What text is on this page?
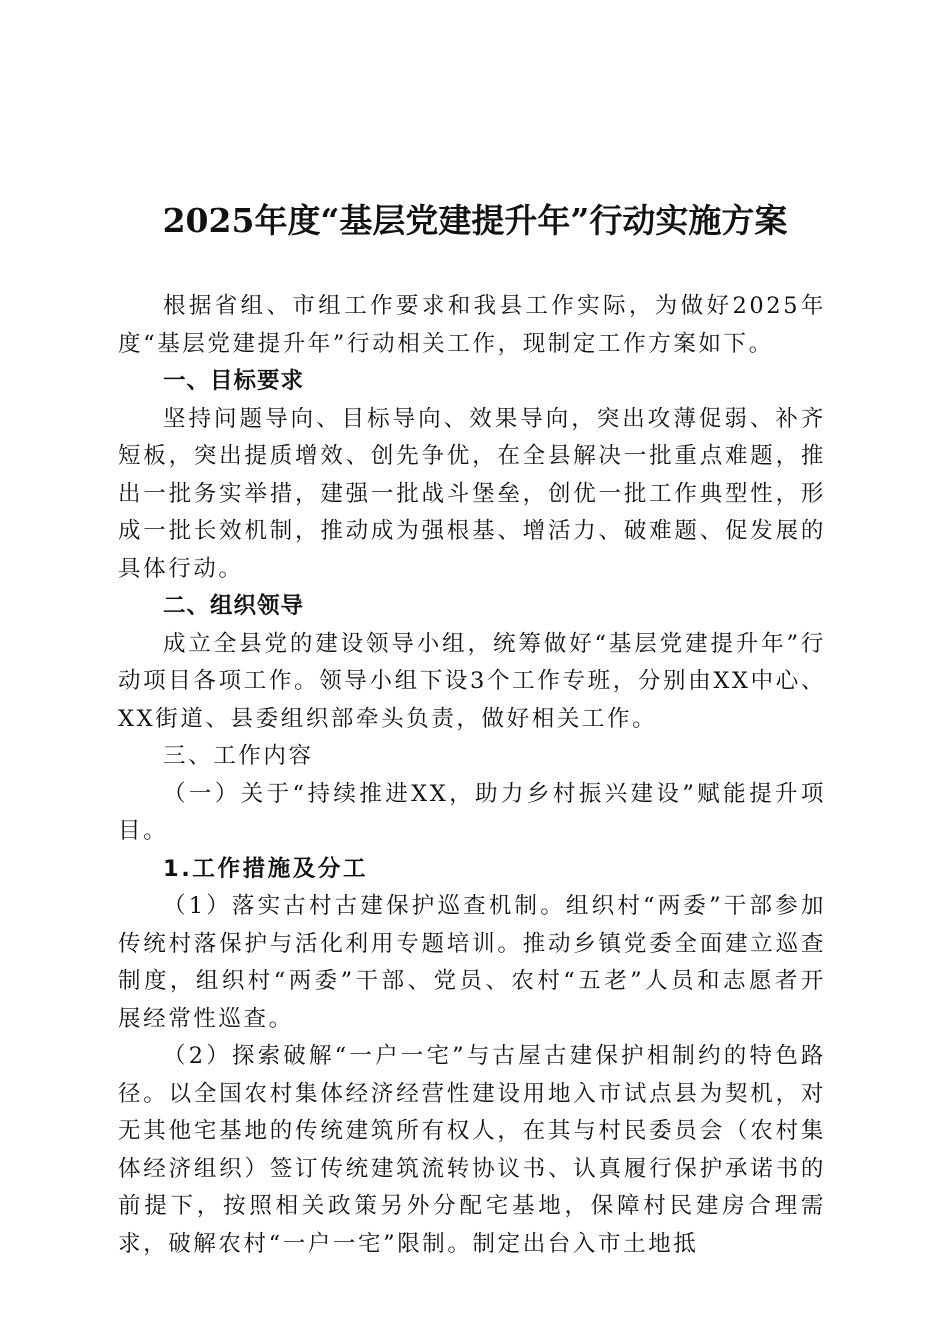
2025年度“基层党建提升年”行动实施方案

根据省组、市组工作要求和我县工作实际，为做好2025年度“基层党建提升年”行动相关工作，现制定工作方案如下。

一、目标要求

坚持问题导向、目标导向、效果导向，突出攻薄促弱、补齐短板，突出提质增效、创先争优，在全县解决一批重点难题，推出一批务实举措，建强一批战斗堡垒，创优一批工作典型性，形成一批长效机制，推动成为强根基、增活力、破难题、促发展的具体行动。

二、组织领导

成立全县党的建设领导小组，统筹做好“基层党建提升年”行动项目各项工作。领导小组下设3个工作专班，分别由XX中心、XX街道、县委组织部牵头负责，做好相关工作。

三、工作内容

（一）关于“持续推进XX，助力乡村振兴建设”赋能提升项目。

1.工作措施及分工

（1）落实古村古建保护巡查机制。组织村“两委”干部参加传统村落保护与活化利用专题培训。推动乡镇党委全面建立巡查制度，组织村“两委”干部、党员、农村“五老”人员和志愿者开展经常性巡查。

（2）探索破解“一户一宅”与古屋古建保护相制约的特色路径。以全国农村集体经济经营性建设用地入市试点县为契机，对无其他宅基地的传统建筑所有权人，在其与村民委员会（农村集体经济组织）签订传统建筑流转协议书、认真履行保护承诺书的前提下，按照相关政策另外分配宅基地，保障村民建房合理需求，破解农村“一户一宅”限制。制定出台入市土地抵
